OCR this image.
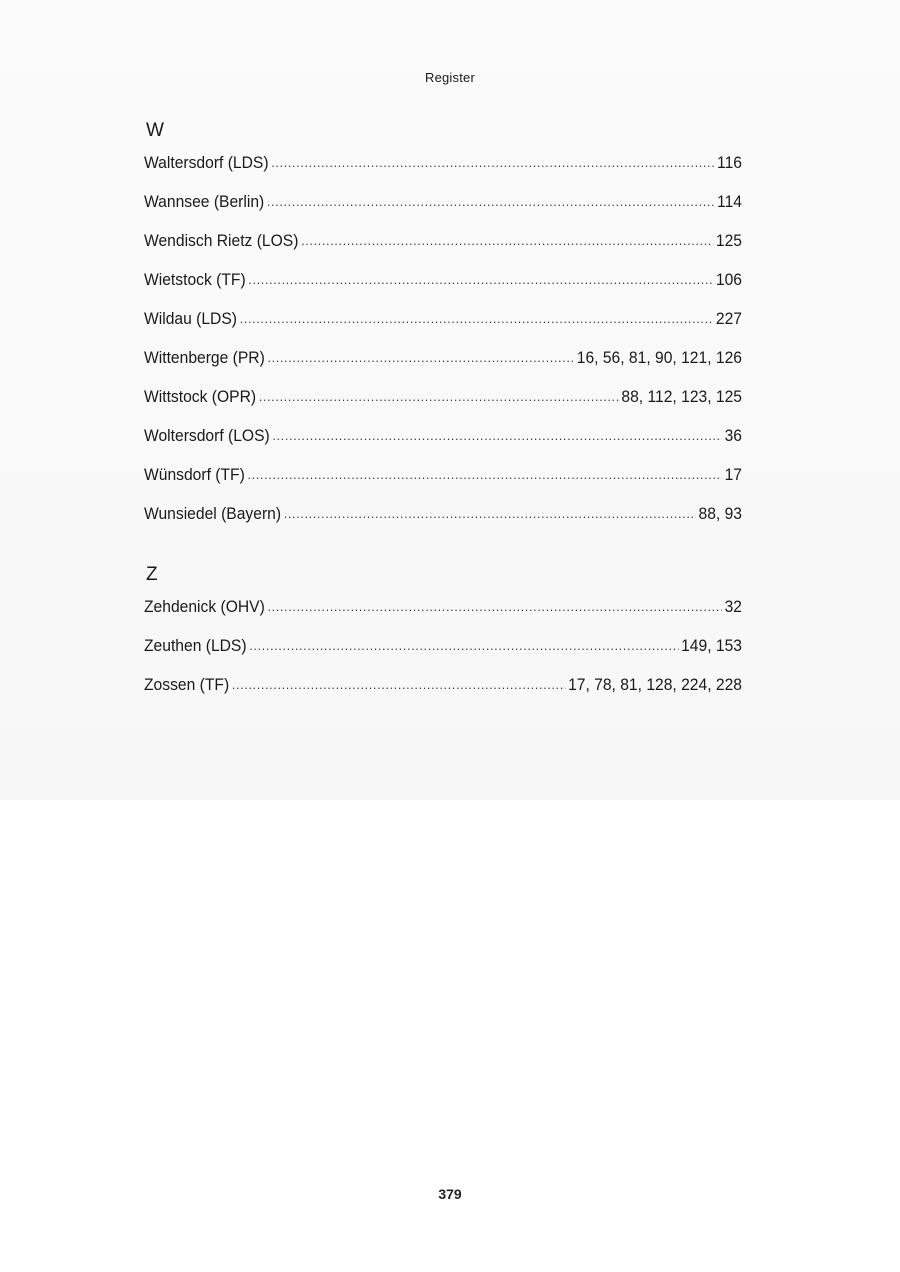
Register
W
Waltersdorf (LDS) .....	116
Wannsee (Berlin) .....	114
Wendisch Rietz (LOS) .....	125
Wietstock (TF) .....	106
Wildau (LDS) .....	227
Wittenberge (PR) .....	16, 56, 81, 90, 121, 126
Wittstock (OPR) .....	88, 112, 123, 125
Woltersdorf (LOS) .....	36
Wünsdorf (TF) .....	17
Wunsiedel (Bayern) .....	88, 93
Z
Zehdenick (OHV) .....	32
Zeuthen (LDS) .....	149, 153
Zossen (TF) .....	17, 78, 81, 128, 224, 228
379
